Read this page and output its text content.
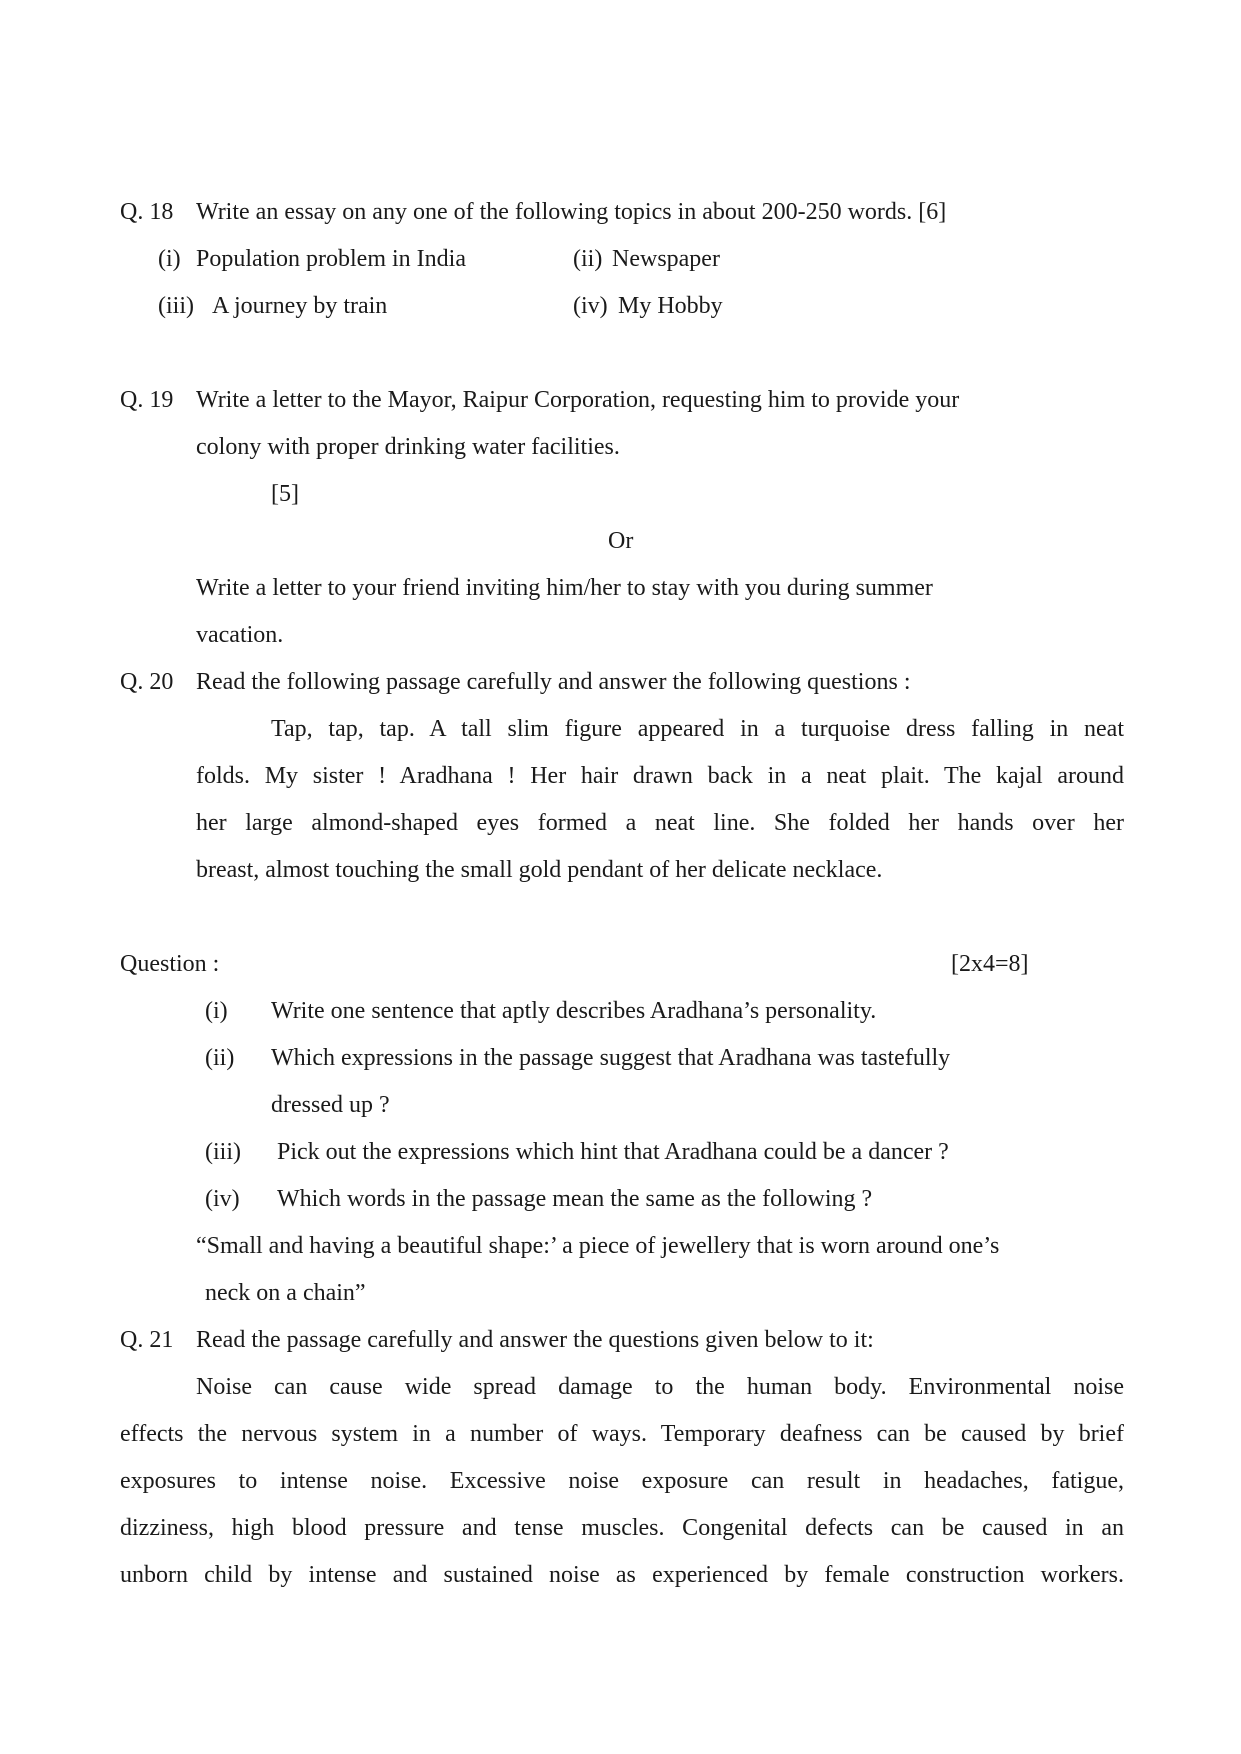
Q. 18 Write an essay on any one of the following topics in about 200-250 words. [6]
(i) Population problem in India	(ii) Newspaper
(iii) A journey by train	(iv) My Hobby
Q. 19 Write a letter to the Mayor, Raipur Corporation, requesting him to provide your
colony with proper drinking water facilities.
[5]
Or
Write a letter to your friend inviting him/her to stay with you during summer
vacation.
Q. 20 Read the following passage carefully and answer the following questions :
Tap, tap, tap. A tall slim figure appeared in a turquoise dress falling in neat
folds. My sister ! Aradhana ! Her hair drawn back in a neat plait. The kajal around
her large almond-shaped eyes formed a neat line. She folded her hands over her
breast, almost touching the small gold pendant of her delicate necklace.
Question :	[2x4=8]
(i) Write one sentence that aptly describes Aradhana’s personality.
(ii) Which expressions in the passage suggest that Aradhana was tastefully
dressed up ?
(iii) Pick out the expressions which hint that Aradhana could be a dancer ?
(iv) Which words in the passage mean the same as the following ?
“Small and having a beautiful shape:’ a piece of jewellery that is worn around one’s
neck on a chain”
Q. 21 Read the passage carefully and answer the questions given below to it:
Noise can cause wide spread damage to the human body. Environmental noise
effects the nervous system in a number of ways. Temporary deafness can be caused by brief
exposures to intense noise. Excessive noise exposure can result in headaches, fatigue,
dizziness, high blood pressure and tense muscles. Congenital defects can be caused in an
unborn child by intense and sustained noise as experienced by female construction workers.
